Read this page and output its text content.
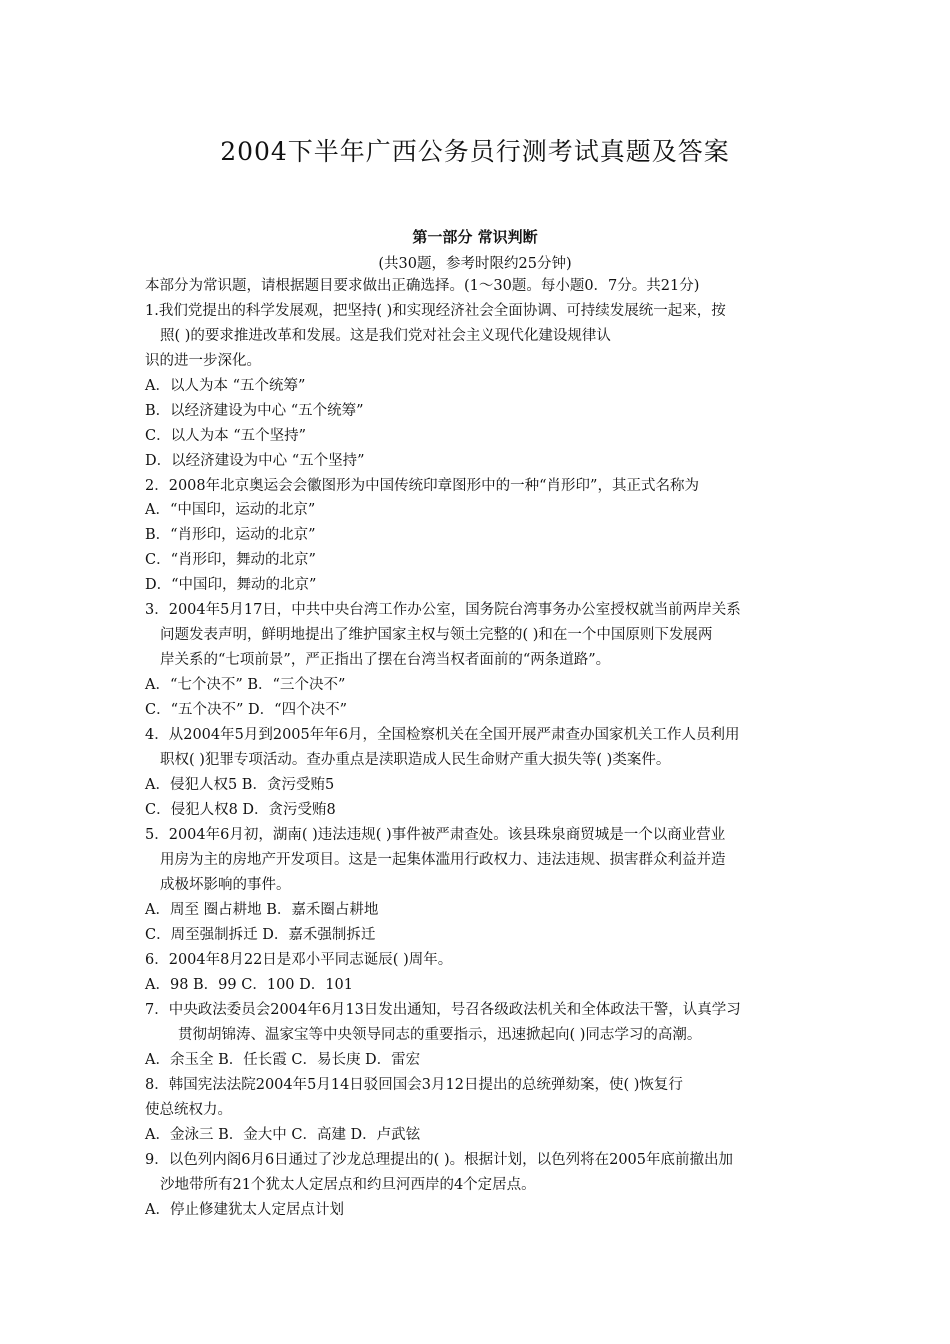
2004下半年广西公务员行测考试真题及答案
第一部分 常识判断
(共30题，参考时限约25分钟)
本部分为常识题，请根据题目要求做出正确选择。(1～30题。每小题0．7分。共21分)
1.我们党提出的科学发展观，把坚持( )和实现经济社会全面协调、可持续发展统一起来，按
照( )的要求推进改革和发展。这是我们党对社会主义现代化建设规律认
识的进一步深化。
A．以人为本 “五个统筹”
B．以经济建设为中心 “五个统筹”
C．以人为本 “五个坚持”
D．以经济建设为中心 “五个坚持”
2．2008年北京奥运会会徽图形为中国传统印章图形中的一种“肖形印”，其正式名称为
A．“中国印，运动的北京”
B．“肖形印，运动的北京”
C．“肖形印，舞动的北京”
D．“中国印，舞动的北京”
3．2004年5月17日，中共中央台湾工作办公室，国务院台湾事务办公室授权就当前两岸关系
问题发表声明，鲜明地提出了维护国家主权与领土完整的( )和在一个中国原则下发展两
岸关系的“七项前景”，严正指出了摆在台湾当权者面前的“两条道路”。
A．“七个决不” B．“三个决不”
C．“五个决不” D．“四个决不”
4．从2004年5月到2005年年6月，全国检察机关在全国开展严肃查办国家机关工作人员利用
职权( )犯罪专项活动。查办重点是渎职造成人民生命财产重大损失等( )类案件。
A．侵犯人权5 B．贪污受贿5
C．侵犯人权8 D．贪污受贿8
5．2004年6月初，湖南( )违法违规( )事件被严肃查处。该县珠泉商贸城是一个以商业营业
用房为主的房地产开发项目。这是一起集体滥用行政权力、违法违规、损害群众利益并造
成极坏影响的事件。
A．周至 圈占耕地 B．嘉禾圈占耕地
C．周至强制拆迁 D．嘉禾强制拆迁
6．2004年8月22日是邓小平同志诞辰( )周年。
A．98 B．99 C．100 D．101
7．中央政法委员会2004年6月13日发出通知，号召各级政法机关和全体政法干警，认真学习
贯彻胡锦涛、温家宝等中央领导同志的重要指示，迅速掀起向( )同志学习的高潮。
A．余玉全 B．任长霞 C．易长庚 D．雷宏
8．韩国宪法法院2004年5月14日驳回国会3月12日提出的总统弹劾案，使( )恢复行
使总统权力。
A．金泳三 B．金大中 C．高建 D．卢武铉
9．以色列内阁6月6日通过了沙龙总理提出的( )。根据计划，以色列将在2005年底前撤出加
沙地带所有21个犹太人定居点和约旦河西岸的4个定居点。
A．停止修建犹太人定居点计划
